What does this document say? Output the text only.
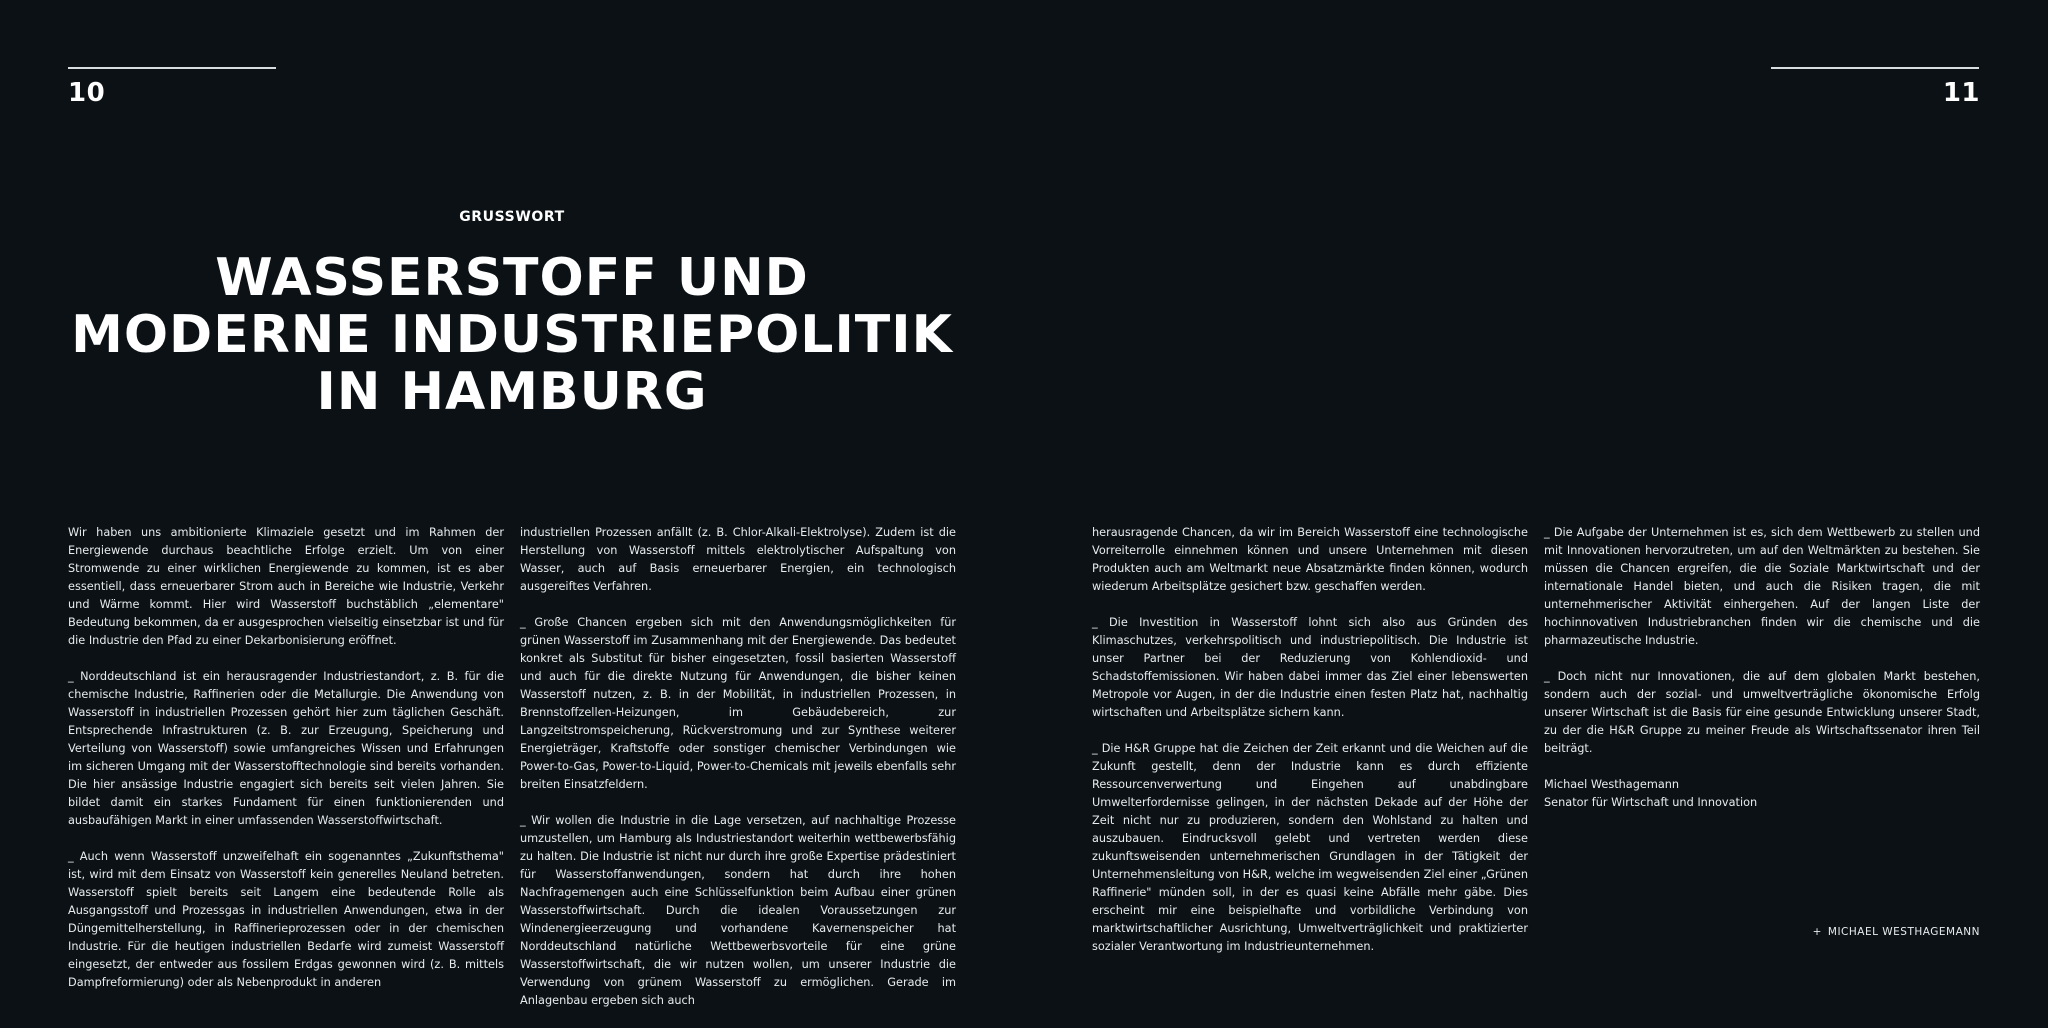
10	11
GRUSSWORT
WASSERSTOFF UND
MODERNE INDUSTRIEPOLITIK
IN HAMBURG

Wir haben uns ambitionierte Klimaziele gesetzt und im Rahmen der Energiewende durchaus beachtliche Erfolge erzielt. Um von einer Stromwende zu einer wirklichen Energiewende zu kommen, ist es aber essentiell, dass erneuerbarer Strom auch in Bereiche wie Industrie, Verkehr und Wärme kommt. Hier wird Wasserstoff buchstäblich „elementare" Bedeutung bekommen, da er ausgesprochen vielseitig einsetzbar ist und für die Industrie den Pfad zu einer Dekarbonisierung eröffnet.

_ Norddeutschland ist ein herausragender Industriestandort, z. B. für die chemische Industrie, Raffinerien oder die Metallurgie. Die Anwendung von Wasserstoff in industriellen Prozessen gehört hier zum täglichen Geschäft. Entsprechende Infrastrukturen (z. B. zur Erzeugung, Speicherung und Verteilung von Wasserstoff) sowie umfangreiches Wissen und Erfahrungen im sicheren Umgang mit der Wasserstofftechnologie sind bereits vorhanden. Die hier ansässige Industrie engagiert sich bereits seit vielen Jahren. Sie bildet damit ein starkes Fundament für einen funktionierenden und ausbaufähigen Markt in einer umfassenden Wasserstoffwirtschaft.

_ Auch wenn Wasserstoff unzweifelhaft ein sogenanntes „Zukunftsthema" ist, wird mit dem Einsatz von Wasserstoff kein generelles Neuland betreten. Wasserstoff spielt bereits seit Langem eine bedeutende Rolle als Ausgangsstoff und Prozessgas in industriellen Anwendungen, etwa in der Düngemittelherstellung, in Raffinerieprozessen oder in der chemischen Industrie. Für die heutigen industriellen Bedarfe wird zumeist Wasserstoff eingesetzt, der entweder aus fossilem Erdgas gewonnen wird (z. B. mittels Dampfreformierung) oder als Nebenprodukt in anderen

industriellen Prozessen anfällt (z. B. Chlor-Alkali-Elektrolyse). Zudem ist die Herstellung von Wasserstoff mittels elektrolytischer Aufspaltung von Wasser, auch auf Basis erneuerbarer Energien, ein technologisch ausgereiftes Verfahren.

_ Große Chancen ergeben sich mit den Anwendungsmöglichkeiten für grünen Wasserstoff im Zusammenhang mit der Energiewende. Das bedeutet konkret als Substitut für bisher eingesetzten, fossil basierten Wasserstoff und auch für die direkte Nutzung für Anwendungen, die bisher keinen Wasserstoff nutzen, z. B. in der Mobilität, in industriellen Prozessen, in Brennstoffzellen-Heizungen, im Gebäudebereich, zur Langzeitstromspeicherung, Rückverstromung und zur Synthese weiterer Energieträger, Kraftstoffe oder sonstiger chemischer Verbindungen wie Power-to-Gas, Power-to-Liquid, Power-to-Chemicals mit jeweils ebenfalls sehr breiten Einsatzfeldern.

_ Wir wollen die Industrie in die Lage versetzen, auf nachhaltige Prozesse umzustellen, um Hamburg als Industriestandort weiterhin wettbewerbsfähig zu halten. Die Industrie ist nicht nur durch ihre große Expertise prädestiniert für Wasserstoffanwendungen, sondern hat durch ihre hohen Nachfragemengen auch eine Schlüsselfunktion beim Aufbau einer grünen Wasserstoffwirtschaft. Durch die idealen Voraussetzungen zur Windenergieerzeugung und vorhandene Kavernenspeicher hat Norddeutschland natürliche Wettbewerbsvorteile für eine grüne Wasserstoffwirtschaft, die wir nutzen wollen, um unserer Industrie die Verwendung von grünem Wasserstoff zu ermöglichen. Gerade im Anlagenbau ergeben sich auch

herausragende Chancen, da wir im Bereich Wasserstoff eine technologische Vorreiterrolle einnehmen können und unsere Unternehmen mit diesen Produkten auch am Weltmarkt neue Absatzmärkte finden können, wodurch wiederum Arbeitsplätze gesichert bzw. geschaffen werden.

_ Die Investition in Wasserstoff lohnt sich also aus Gründen des Klimaschutzes, verkehrspolitisch und industriepolitisch. Die Industrie ist unser Partner bei der Reduzierung von Kohlendioxid- und Schadstoffemissionen. Wir haben dabei immer das Ziel einer lebenswerten Metropole vor Augen, in der die Industrie einen festen Platz hat, nachhaltig wirtschaften und Arbeitsplätze sichern kann.

_ Die H&R Gruppe hat die Zeichen der Zeit erkannt und die Weichen auf die Zukunft gestellt, denn der Industrie kann es durch effiziente Ressourcenverwertung und Eingehen auf unabdingbare Umwelterfordernisse gelingen, in der nächsten Dekade auf der Höhe der Zeit nicht nur zu produzieren, sondern den Wohlstand zu halten und auszubauen. Eindrucksvoll gelebt und vertreten werden diese zukunftsweisenden unternehmerischen Grundlagen in der Tätigkeit der Unternehmensleitung von H&R, welche im wegweisenden Ziel einer „Grünen Raffinerie" münden soll, in der es quasi keine Abfälle mehr gäbe. Dies erscheint mir eine beispielhafte und vorbildliche Verbindung von marktwirtschaftlicher Ausrichtung, Umweltverträglichkeit und praktizierter sozialer Verantwortung im Industrieunternehmen.

_ Die Aufgabe der Unternehmen ist es, sich dem Wettbewerb zu stellen und mit Innovationen hervorzutreten, um auf den Weltmärkten zu bestehen. Sie müssen die Chancen ergreifen, die die Soziale Marktwirtschaft und der internationale Handel bieten, und auch die Risiken tragen, die mit unternehmerischer Aktivität einhergehen. Auf der langen Liste der hochinnovativen Industriebranchen finden wir die chemische und die pharmazeutische Industrie.

_ Doch nicht nur Innovationen, die auf dem globalen Markt bestehen, sondern auch der sozial- und umweltverträgliche ökonomische Erfolg unserer Wirtschaft ist die Basis für eine gesunde Entwicklung unserer Stadt, zu der die H&R Gruppe zu meiner Freude als Wirtschaftssenator ihren Teil beiträgt.

Michael Westhagemann

Senator für Wirtschaft und Innovation

+ MICHAEL WESTHAGEMANN
